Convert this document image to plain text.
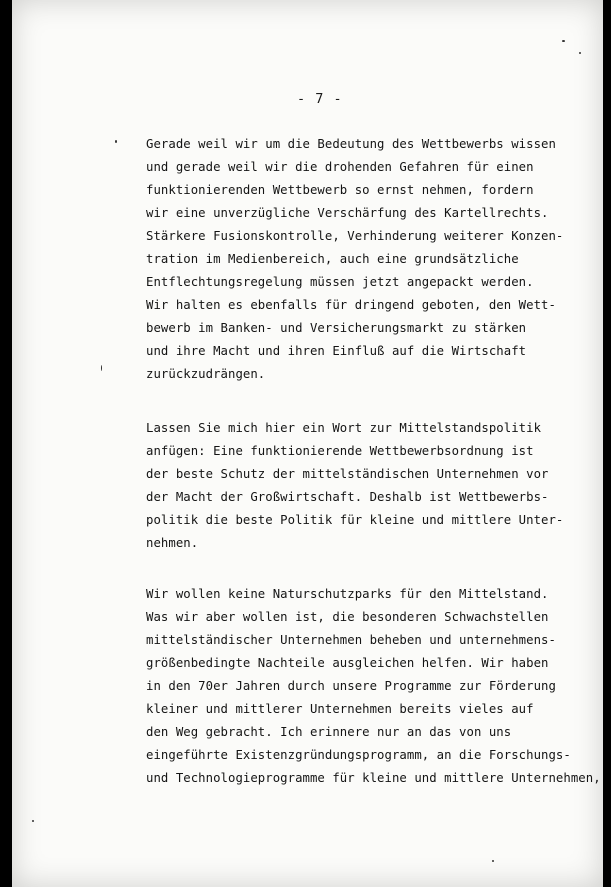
- 7 -
Gerade weil wir um die Bedeutung des Wettbewerbs wissen
und gerade weil wir die drohenden Gefahren für einen
funktionierenden Wettbewerb so ernst nehmen, fordern
wir eine unverzügliche Verschärfung des Kartellrechts.
Stärkere Fusionskontrolle, Verhinderung weiterer Konzen-
tration im Medienbereich, auch eine grundsätzliche
Entflechtungsregelung müssen jetzt angepackt werden.
Wir halten es ebenfalls für dringend geboten, den Wett-
bewerb im Banken- und Versicherungsmarkt zu stärken
und ihre Macht und ihren Einfluß auf die Wirtschaft
zurückzudrängen.
Lassen Sie mich hier ein Wort zur Mittelstandspolitik
anfügen: Eine funktionierende Wettbewerbsordnung ist
der beste Schutz der mittelständischen Unternehmen vor
der Macht der Großwirtschaft. Deshalb ist Wettbewerbs-
politik die beste Politik für kleine und mittlere Unter-
nehmen.
Wir wollen keine Naturschutzparks für den Mittelstand.
Was wir aber wollen ist, die besonderen Schwachstellen
mittelständischer Unternehmen beheben und unternehmens-
größenbedingte Nachteile ausgleichen helfen. Wir haben
in den 70er Jahren durch unsere Programme zur Förderung
kleiner und mittlerer Unternehmen bereits vieles auf
den Weg gebracht. Ich erinnere nur an das von uns
eingeführte Existenzgründungsprogramm, an die Forschungs-
und Technologieprogramme für kleine und mittlere Unternehmen,
